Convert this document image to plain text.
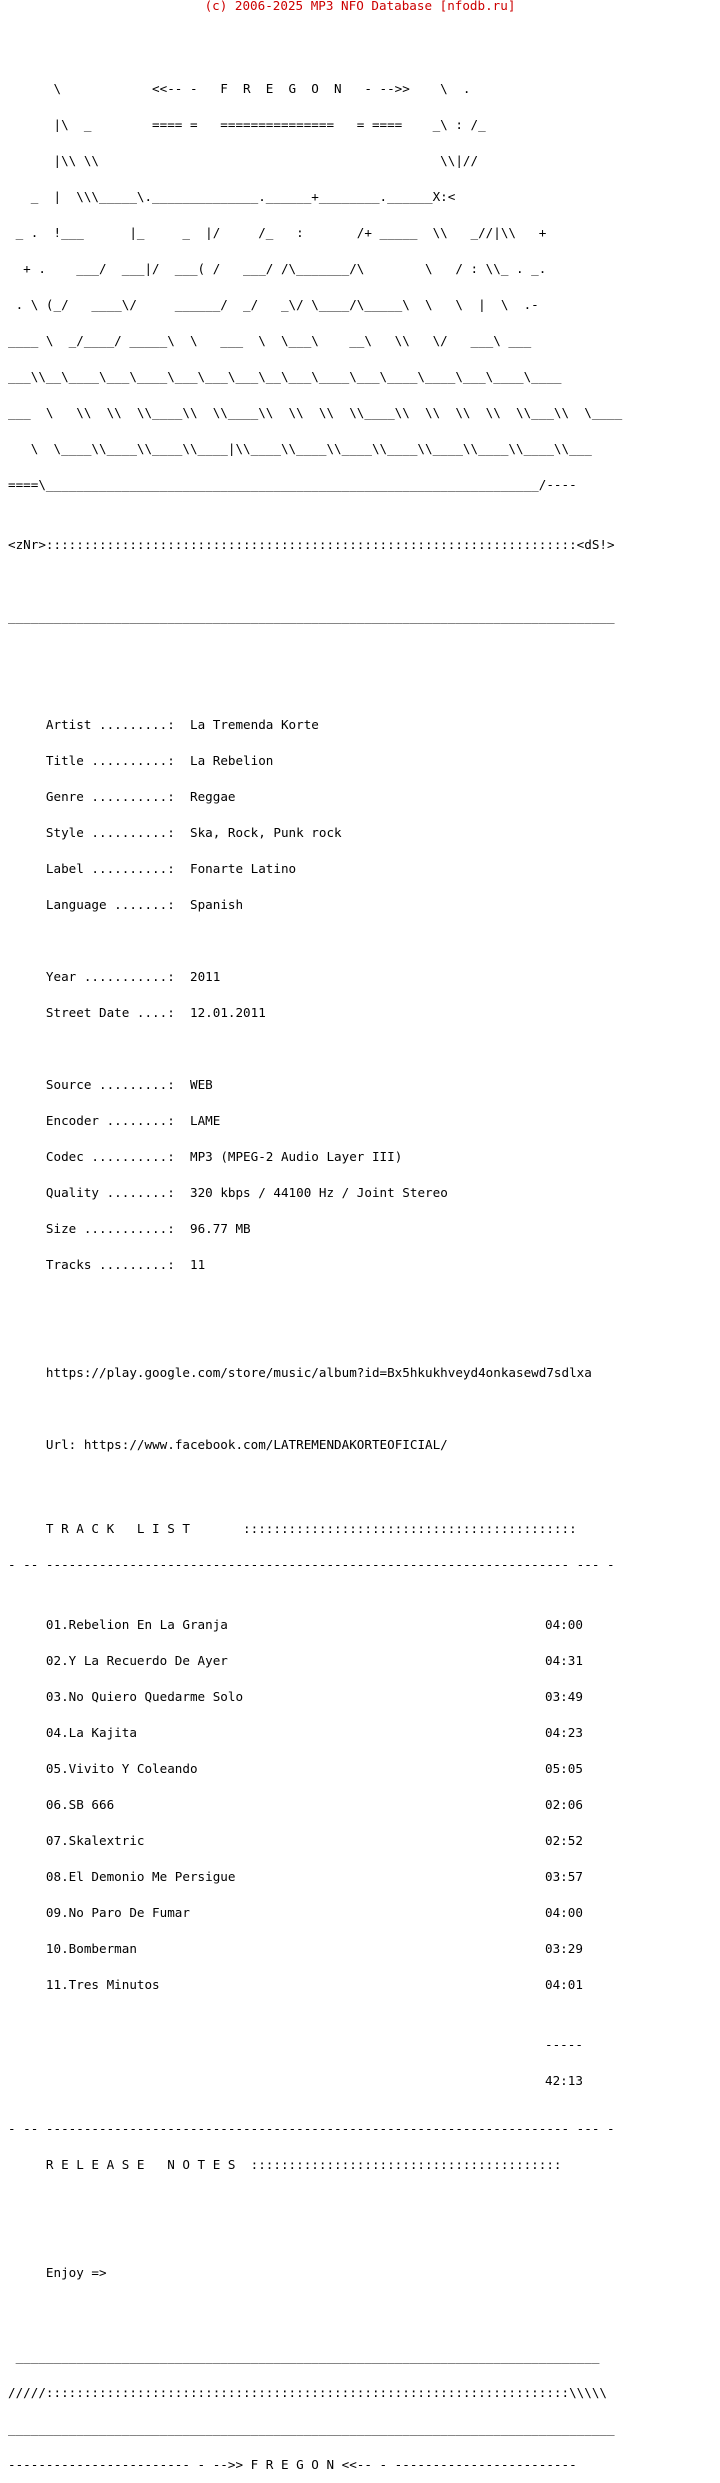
(c) 2006-2025 MP3 NFO Database [nfodb.ru]

\            <<-- -   F  R  E  G  O  N   - -->>    \  .

|\  _        ==== =   ===============   = ====    _\ : /_

|\\ \\                                             \\|//

_  |  \\\_____\.______________.______+________.______X:<

_ .  !___      |_     _  |/     /_   :       /+ _____  \\   _//|\\   +

+ .    ___/  ___|/  ___( /   ___/ /\_______/\        \   / : \\_ . _.

. \ (_/   ____\/     ______/  _/   _\/ \____/\_____\  \   \  |  \  .-

____ \  _/____/ _____\  \   ___  \  \___\    __\   \\   \/   ___\ ___

___\\__\____\___\____\___\___\___\__\___\____\___\____\____\___\____\____

___  \   \\  \\  \\____\\  \\____\\  \\  \\  \\____\\  \\  \\  \\  \\___\\  \____

\  \____\\____\\____\\____|\\____\\____\\____\\____\\____\\____\\____\\___

====\_________________________________________________________________/----

<zNr>::::::::::::::::::::::::::::::::::::::::::::::::::::::::::::::::::::::<dS!>

________________________________________________________________________________

Artist .........:  La Tremenda Korte

Title ..........:  La Rebelion

Genre ..........:  Reggae

Style ..........:  Ska, Rock, Punk rock

Label ..........:  Fonarte Latino

Language .......:  Spanish

Year ...........:  2011

Street Date ....:  12.01.2011

Source .........:  WEB

Encoder ........:  LAME

Codec ..........:  MP3 (MPEG-2 Audio Layer III)

Quality ........:  320 kbps / 44100 Hz / Joint Stereo

Size ...........:  96.77 MB

Tracks .........:  11

https://play.google.com/store/music/album?id=Bx5hkukhveyd4onkasewd7sdlxa

Url: https://www.facebook.com/LATREMENDAKORTEOFICIAL/

T R A C K   L I S T       ::::::::::::::::::::::::::::::::::::::::::::

- -- --------------------------------------------------------------------- --- -

01.Rebelion En La Granja	04:00

02.Y La Recuerdo De Ayer	04:31

03.No Quiero Quedarme Solo	03:49

04.La Kajita	04:23

05.Vivito Y Coleando	05:05

06.SB 666	02:06

07.Skalextric	02:52

08.El Demonio Me Persigue	03:57

09.No Paro De Fumar	04:00

10.Bomberman	03:29

11.Tres Minutos	04:01

-----

42:13

- -- --------------------------------------------------------------------- --- -

R E L E A S E   N O T E S  :::::::::::::::::::::::::::::::::::::::::

Enjoy =>

_____________________________________________________________________________

/////:::::::::::::::::::::::::::::::::::::::::::::::::::::::::::::::::::::\\\\\

________________________________________________________________________________

------------------------ - -->> F R E G O N <<-- - ------------------------
